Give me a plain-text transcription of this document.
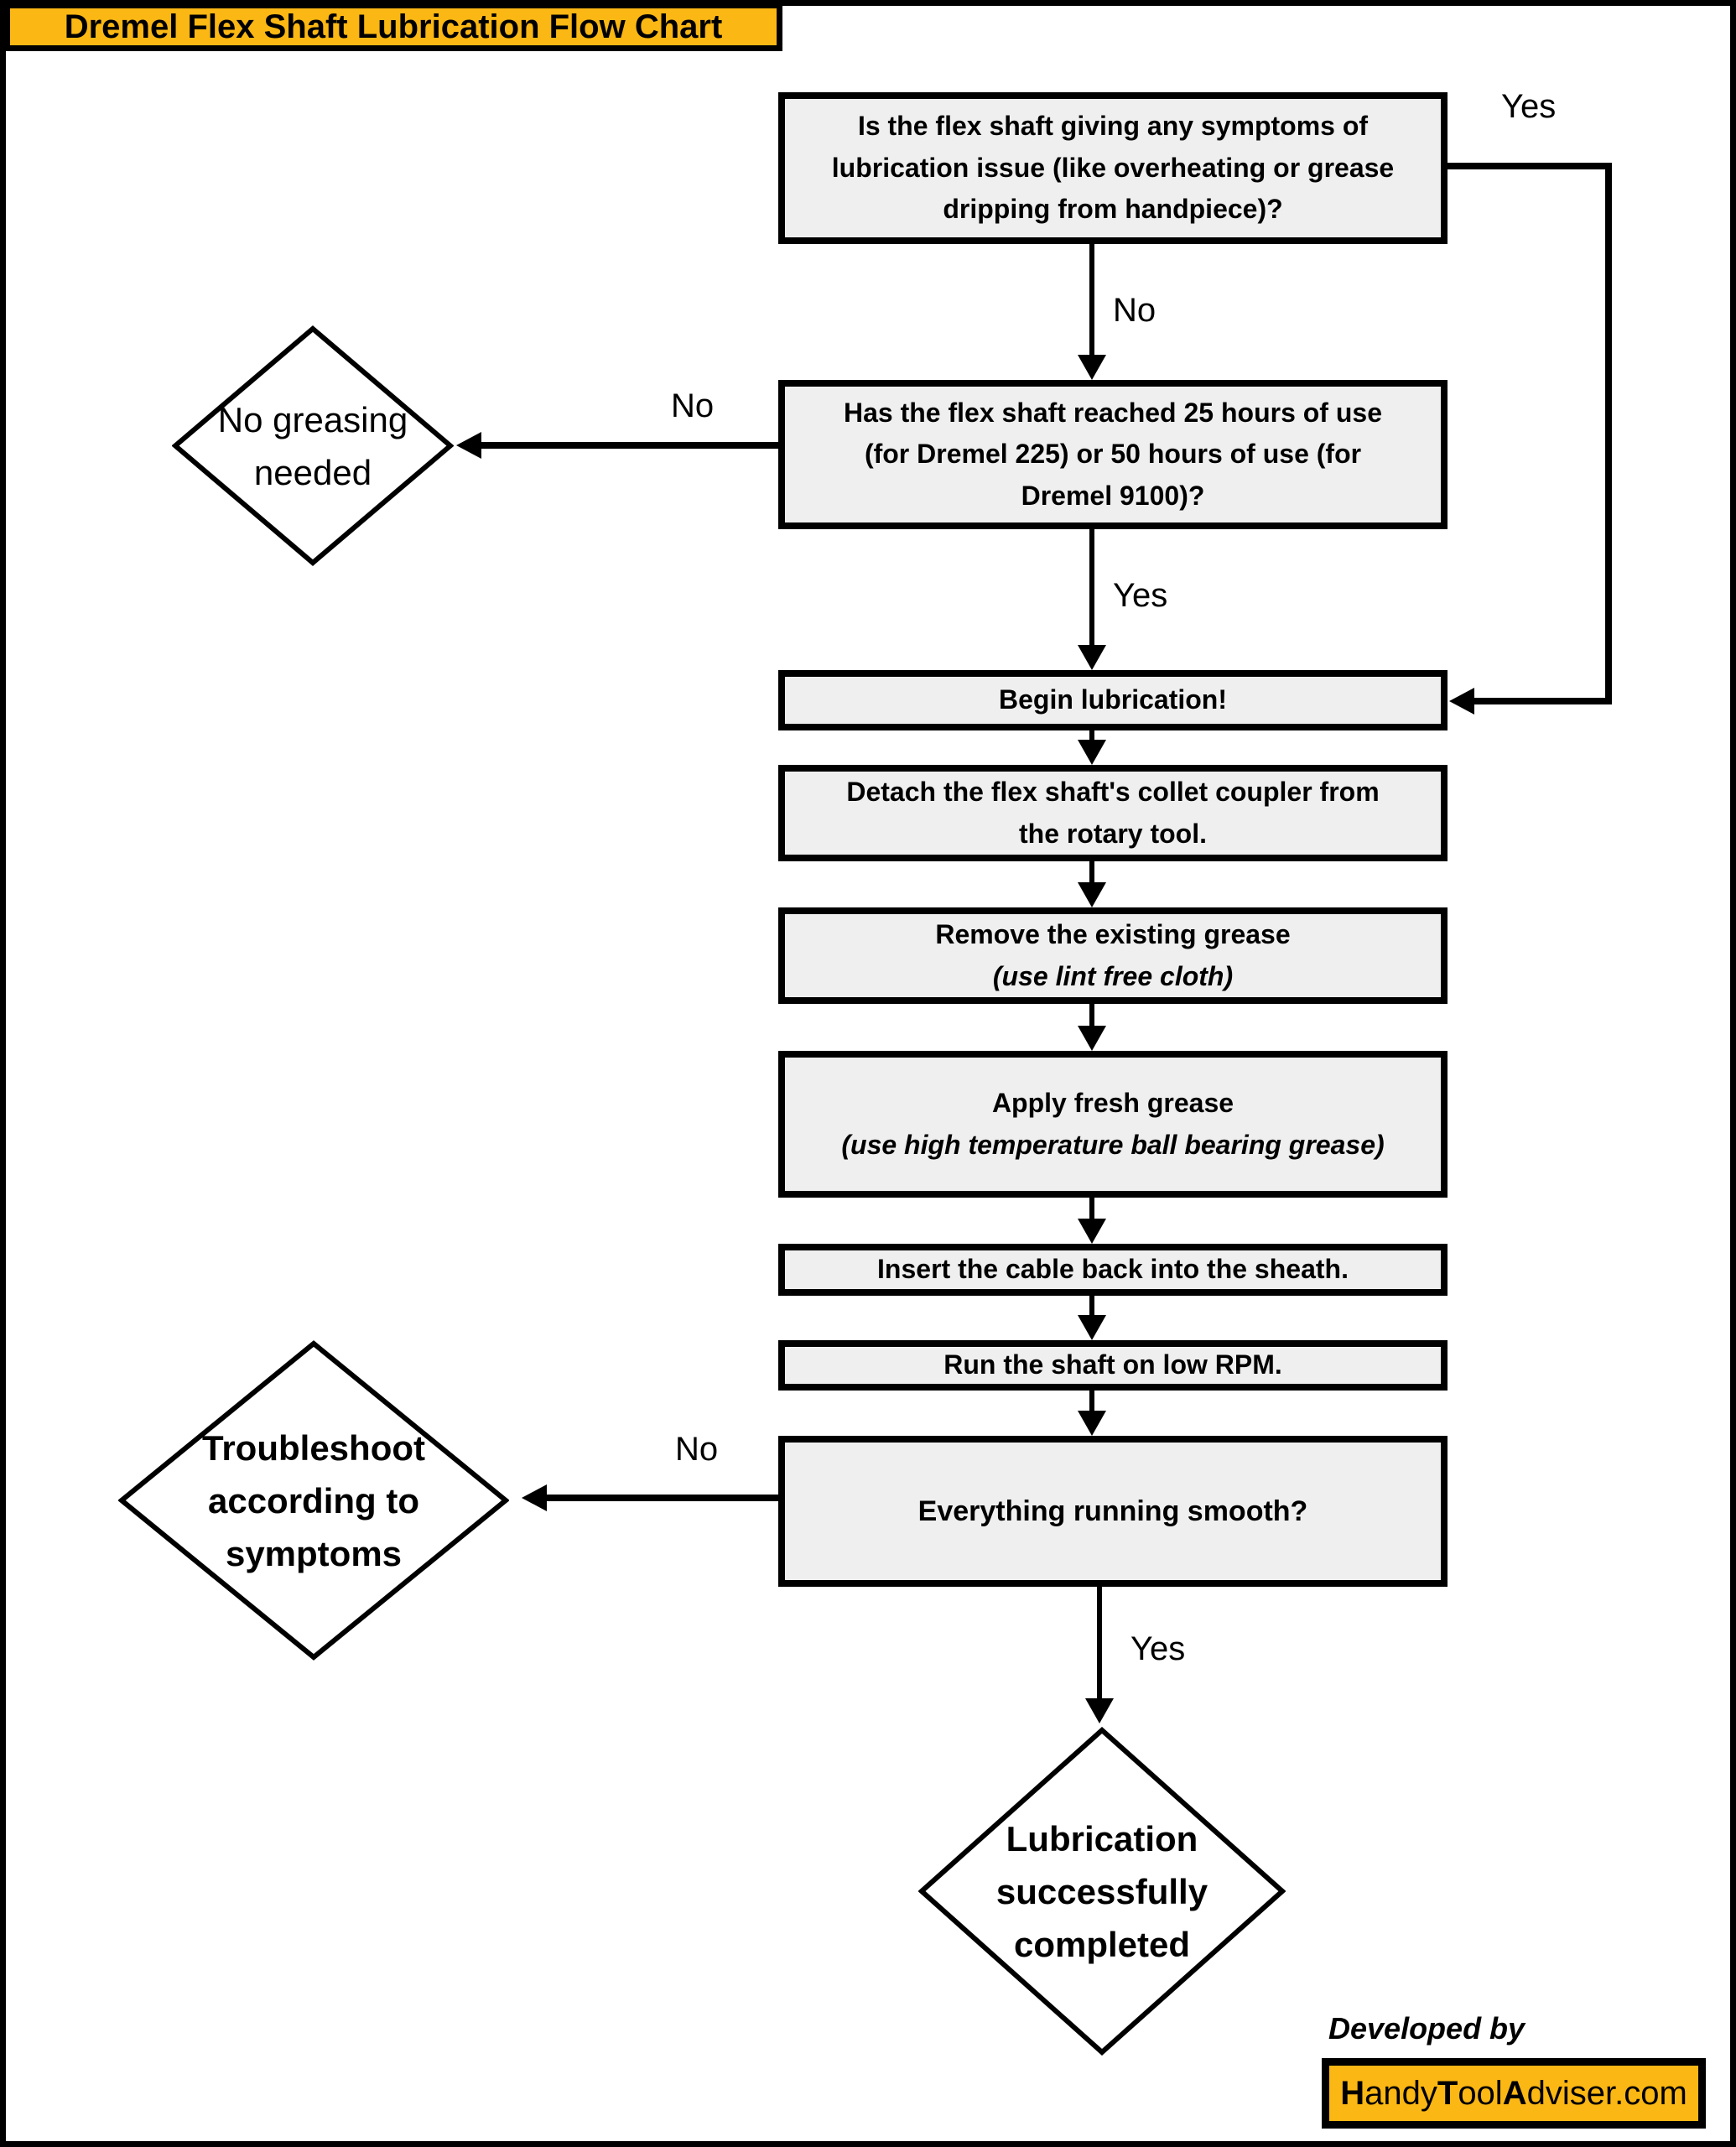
Dremel Flex Shaft Lubrication Flow Chart
Is the flex shaft giving any symptoms of
lubrication issue (like overheating or grease
dripping from handpiece)?
Yes
No
Has the flex shaft reached 25 hours of use
(for Dremel 225) or 50 hours of use (for
Dremel 9100)?
No
No greasing needed
Yes
Begin lubrication!
Detach the flex shaft's collet coupler from
the rotary tool.
Remove the existing grease
(use lint free cloth)
Apply fresh grease
(use high temperature ball bearing grease)
Insert the cable back into the sheath.
Run the shaft on low RPM.
Everything running smooth?
No
Troubleshoot according to symptoms
Yes
Lubrication successfully completed
Developed by
H andy T ool A dviser.com
